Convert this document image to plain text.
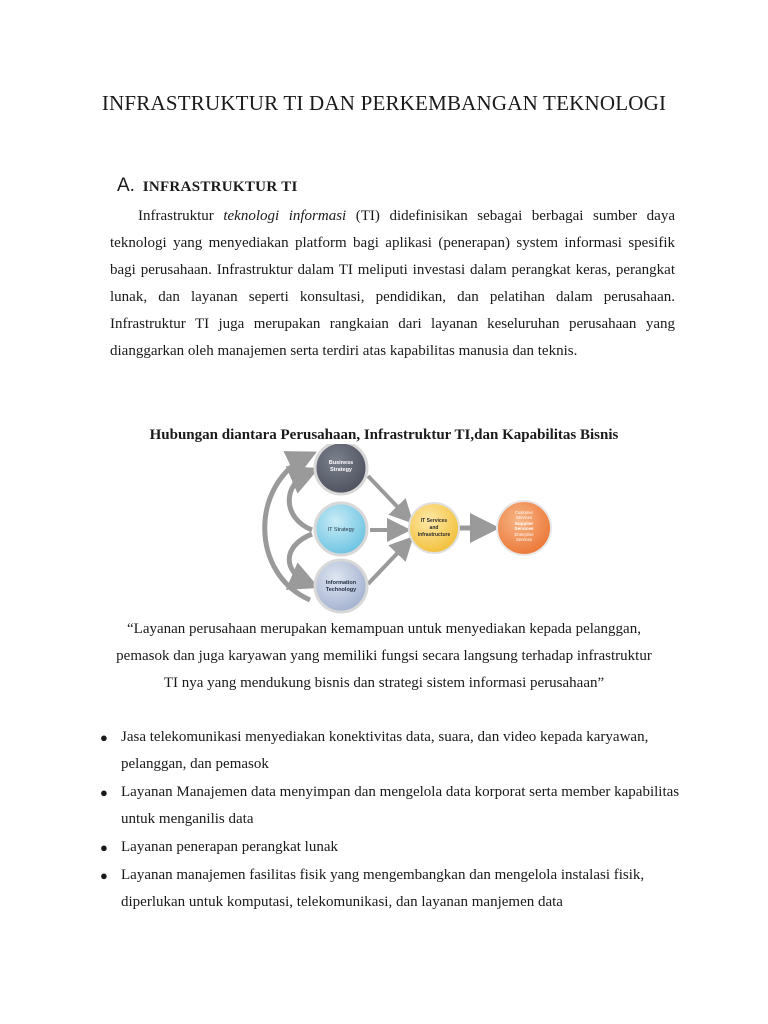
INFRASTRUKTUR TI DAN PERKEMBANGAN TEKNOLOGI
A. INFRASTRUKTUR TI

Infrastruktur teknologi informasi (TI) didefinisikan sebagai berbagai sumber daya teknologi yang menyediakan platform bagi aplikasi (penerapan) system informasi spesifik bagi perusahaan. Infrastruktur dalam TI meliputi investasi dalam perangkat keras, perangkat lunak, dan layanan seperti konsultasi, pendidikan, dan pelatihan dalam perusahaan. Infrastruktur TI juga merupakan rangkaian dari layanan keseluruhan perusahaan yang dianggarkan oleh manajemen serta terdiri atas kapabilitas manusia dan teknis.

Hubungan diantara Perusahaan, Infrastruktur TI,dan Kapabilitas Bisnis
Business
Strategy
IT Strategy
Information
Technology
IT Services
and
Infrastructure
Customer
Services
Supplier
Services
Enterprise
Services

“Layanan perusahaan merupakan kemampuan untuk menyediakan kepada pelanggan, pemasok dan juga karyawan yang memiliki fungsi secara langsung terhadap infrastruktur TI nya yang mendukung bisnis dan strategi sistem informasi perusahaan”

● Jasa telekomunikasi menyediakan konektivitas data, suara, dan video kepada karyawan, pelanggan, dan pemasok
● Layanan Manajemen data menyimpan dan mengelola data korporat serta member kapabilitas untuk menganilis data
● Layanan penerapan perangkat lunak
● Layanan manajemen fasilitas fisik yang mengembangkan dan mengelola instalasi fisik, diperlukan untuk komputasi, telekomunikasi, dan layanan manjemen data
